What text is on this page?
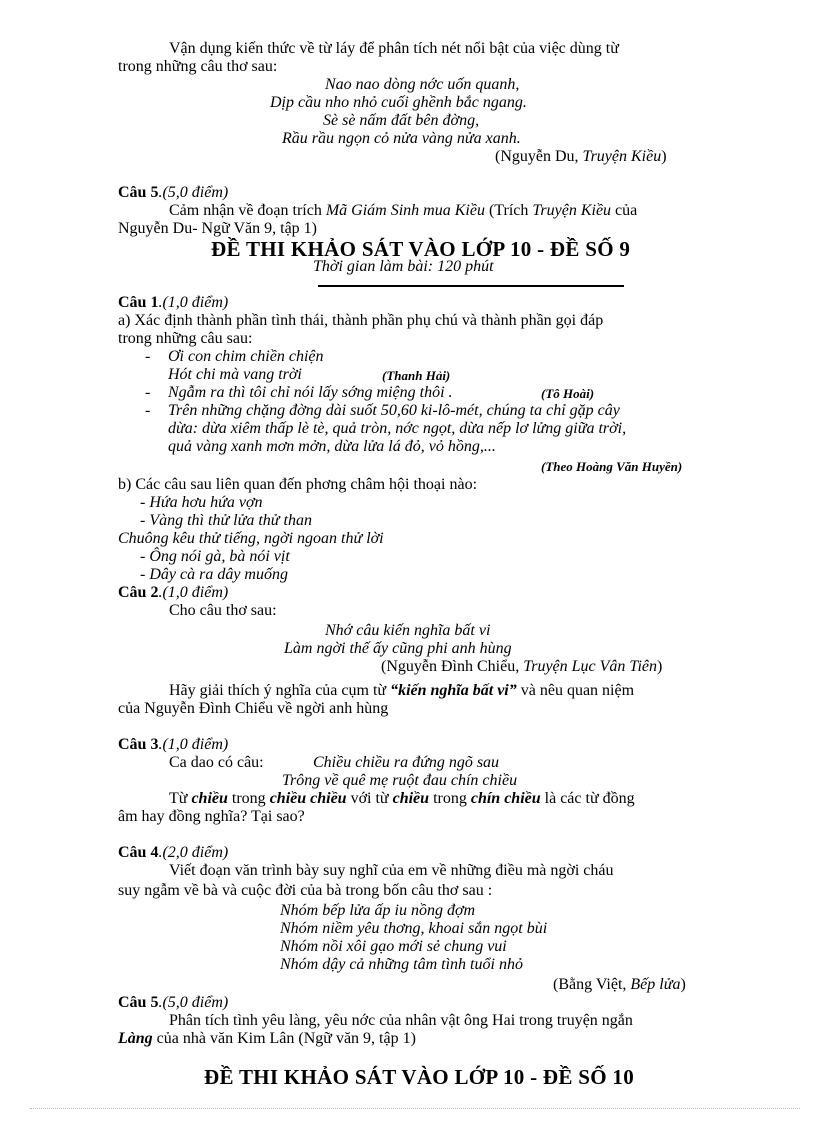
Vận dụng kiến thức về từ láy để phân tích nét nổi bật của việc dùng từ
trong những câu thơ sau:
Nao nao dòng nớc uốn quanh,
Dịp cầu nho nhỏ cuối ghềnh bắc ngang.
Sè sè nấm đất bên đờng,
Rầu rầu ngọn cỏ nửa vàng nửa xanh.
(Nguyễn Du, Truyện Kiều)
Câu 5.(5,0 điểm)
Cảm nhận về đoạn trích Mã Giám Sinh mua Kiều (Trích Truyện Kiều của
Nguyễn Du- Ngữ Văn 9, tập 1)
ĐỀ THI KHẢO SÁT VÀO LỚP 10 - ĐỀ SỐ 9
Thời gian làm bài: 120 phút
Câu 1.(1,0 điểm)
a) Xác định thành phần tình thái, thành phần phụ chú và thành phần gọi đáp
trong những câu sau:
- Ơi con chim chiền chiện
Hót chi mà vang trời	(Thanh Hải)
- Ngẫm ra thì tôi chỉ nói lấy sớng miệng thôi .	(Tô Hoài)
- Trên những chặng đờng dài suốt 50,60 ki-lô-mét, chúng ta chỉ gặp cây
dừa: dừa xiêm thấp lè tè, quả tròn, nớc ngọt, dừa nếp lơ lửng giữa trời,
quả vàng xanh mơn mởn, dừa lửa lá đỏ, vỏ hồng,...
(Theo Hoàng Văn Huyền)
b) Các câu sau liên quan đến phơng châm hội thoại nào:
- Hứa hơu hứa vợn
- Vàng thì thử lửa thử than
Chuông kêu thử tiếng, ngời ngoan thử lời
- Ông nói gà, bà nói vịt
- Dây cà ra dây muống
Câu 2.(1,0 điểm)
Cho câu thơ sau:
Nhớ câu kiến nghĩa bất vi
Làm ngời thế ấy cũng phi anh hùng
(Nguyễn Đình Chiểu, Truyện Lục Vân Tiên)
Hãy giải thích ý nghĩa của cụm từ “kiến nghĩa bất vi” và nêu quan niệm
của Nguyễn Đình Chiểu về ngời anh hùng
Câu 3.(1,0 điểm)
Ca dao có câu:	Chiều chiều ra đứng ngõ sau
Trông về quê mẹ ruột đau chín chiều
Từ chiều trong chiều chiều với từ chiều trong chín chiều là các từ đồng
âm hay đồng nghĩa? Tại sao?
Câu 4.(2,0 điểm)
Viết đoạn văn trình bày suy nghĩ của em về những điều mà ngời cháu
suy ngẫm về bà và cuộc đời của bà trong bốn câu thơ sau :
Nhóm bếp lửa ấp iu nồng đợm
Nhóm niềm yêu thơng, khoai sắn ngọt bùi
Nhóm nồi xôi gạo mới sẻ chung vui
Nhóm dậy cả những tâm tình tuổi nhỏ
(Bằng Việt, Bếp lửa)
Câu 5.(5,0 điểm)
Phân tích tình yêu làng, yêu nớc của nhân vật ông Hai trong truyện ngắn
Làng của nhà văn Kim Lân (Ngữ văn 9, tập 1)
ĐỀ THI KHẢO SÁT VÀO LỚP 10 - ĐỀ SỐ 10
